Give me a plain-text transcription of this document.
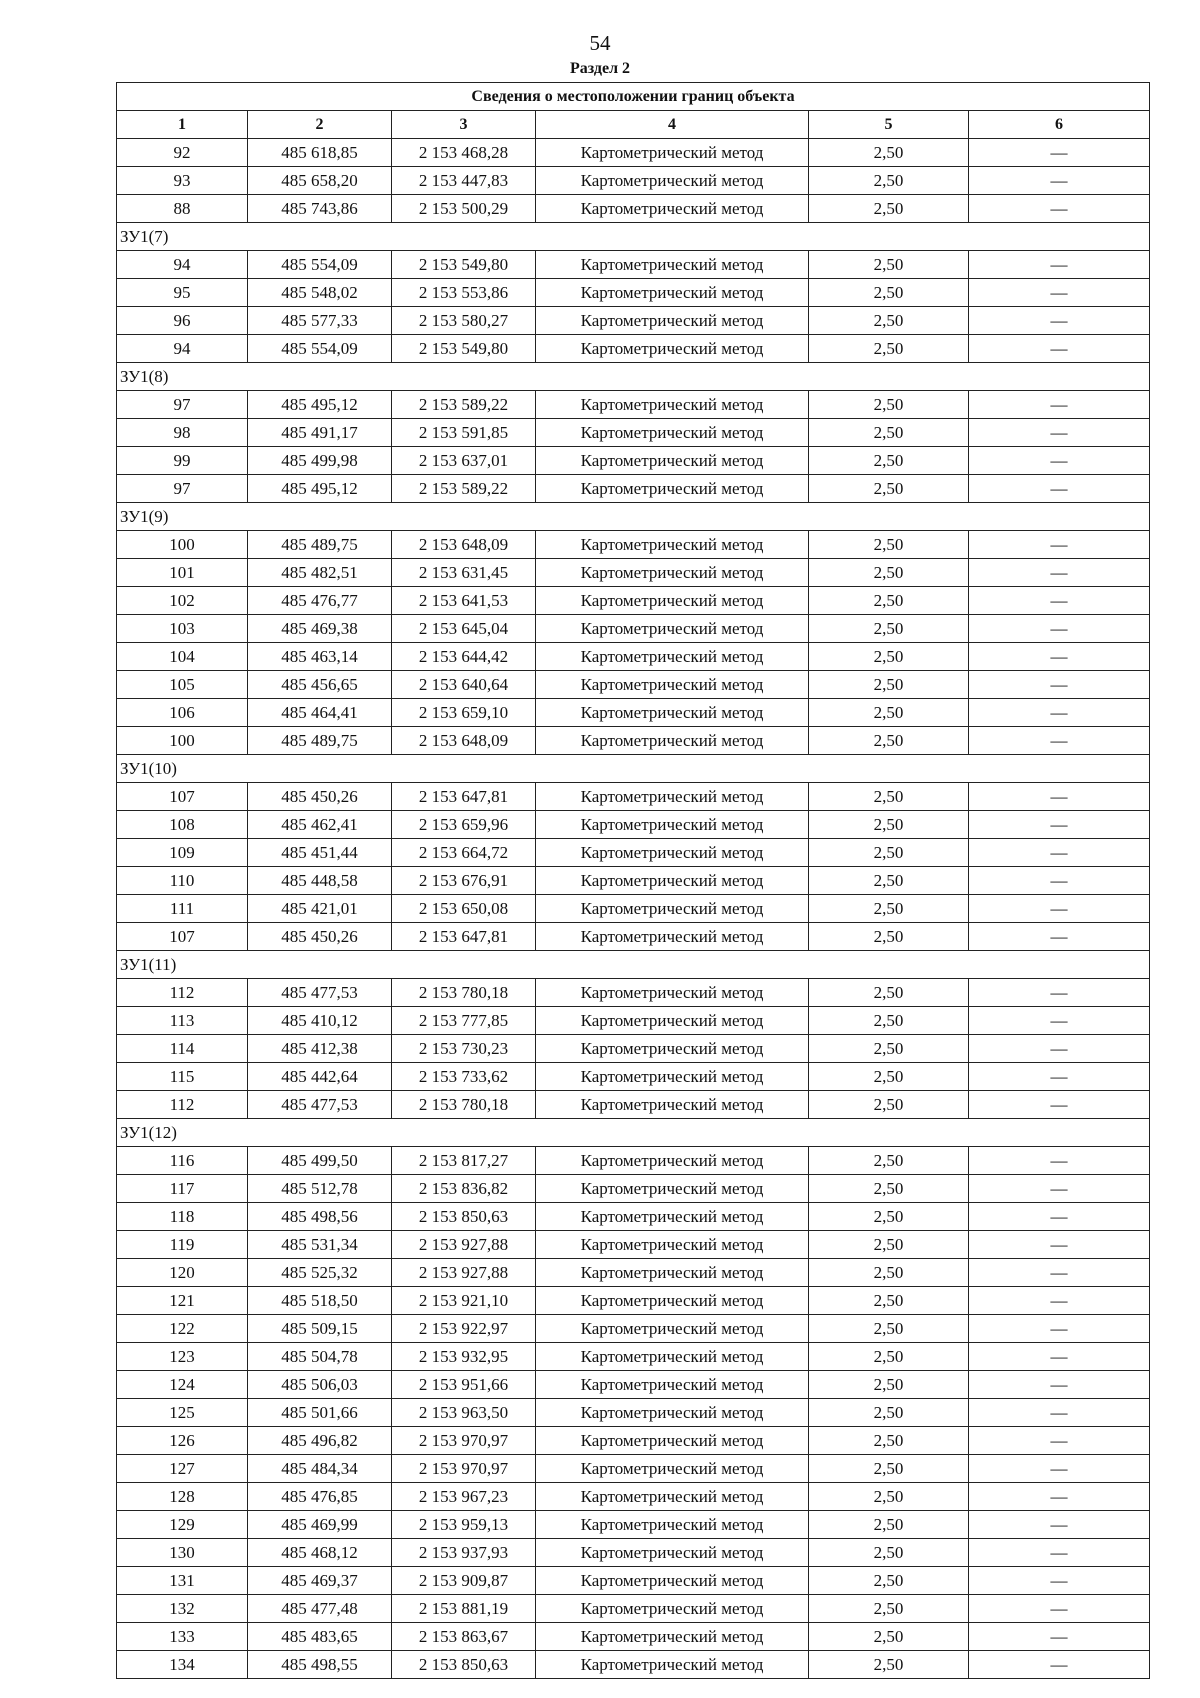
54
Раздел 2
Сведения о местоположении границ объекта					
1	2	3	4	5	6
92	485 618,85	2 153 468,28	Картометрический метод	2,50	—
93	485 658,20	2 153 447,83	Картометрический метод	2,50	—
88	485 743,86	2 153 500,29	Картометрический метод	2,50	—
ЗУ1(7)					
94	485 554,09	2 153 549,80	Картометрический метод	2,50	—
95	485 548,02	2 153 553,86	Картометрический метод	2,50	—
96	485 577,33	2 153 580,27	Картометрический метод	2,50	—
94	485 554,09	2 153 549,80	Картометрический метод	2,50	—
ЗУ1(8)					
97	485 495,12	2 153 589,22	Картометрический метод	2,50	—
98	485 491,17	2 153 591,85	Картометрический метод	2,50	—
99	485 499,98	2 153 637,01	Картометрический метод	2,50	—
97	485 495,12	2 153 589,22	Картометрический метод	2,50	—
ЗУ1(9)					
100	485 489,75	2 153 648,09	Картометрический метод	2,50	—
101	485 482,51	2 153 631,45	Картометрический метод	2,50	—
102	485 476,77	2 153 641,53	Картометрический метод	2,50	—
103	485 469,38	2 153 645,04	Картометрический метод	2,50	—
104	485 463,14	2 153 644,42	Картометрический метод	2,50	—
105	485 456,65	2 153 640,64	Картометрический метод	2,50	—
106	485 464,41	2 153 659,10	Картометрический метод	2,50	—
100	485 489,75	2 153 648,09	Картометрический метод	2,50	—
ЗУ1(10)					
107	485 450,26	2 153 647,81	Картометрический метод	2,50	—
108	485 462,41	2 153 659,96	Картометрический метод	2,50	—
109	485 451,44	2 153 664,72	Картометрический метод	2,50	—
110	485 448,58	2 153 676,91	Картометрический метод	2,50	—
111	485 421,01	2 153 650,08	Картометрический метод	2,50	—
107	485 450,26	2 153 647,81	Картометрический метод	2,50	—
ЗУ1(11)					
112	485 477,53	2 153 780,18	Картометрический метод	2,50	—
113	485 410,12	2 153 777,85	Картометрический метод	2,50	—
114	485 412,38	2 153 730,23	Картометрический метод	2,50	—
115	485 442,64	2 153 733,62	Картометрический метод	2,50	—
112	485 477,53	2 153 780,18	Картометрический метод	2,50	—
ЗУ1(12)					
116	485 499,50	2 153 817,27	Картометрический метод	2,50	—
117	485 512,78	2 153 836,82	Картометрический метод	2,50	—
118	485 498,56	2 153 850,63	Картометрический метод	2,50	—
119	485 531,34	2 153 927,88	Картометрический метод	2,50	—
120	485 525,32	2 153 927,88	Картометрический метод	2,50	—
121	485 518,50	2 153 921,10	Картометрический метод	2,50	—
122	485 509,15	2 153 922,97	Картометрический метод	2,50	—
123	485 504,78	2 153 932,95	Картометрический метод	2,50	—
124	485 506,03	2 153 951,66	Картометрический метод	2,50	—
125	485 501,66	2 153 963,50	Картометрический метод	2,50	—
126	485 496,82	2 153 970,97	Картометрический метод	2,50	—
127	485 484,34	2 153 970,97	Картометрический метод	2,50	—
128	485 476,85	2 153 967,23	Картометрический метод	2,50	—
129	485 469,99	2 153 959,13	Картометрический метод	2,50	—
130	485 468,12	2 153 937,93	Картометрический метод	2,50	—
131	485 469,37	2 153 909,87	Картометрический метод	2,50	—
132	485 477,48	2 153 881,19	Картометрический метод	2,50	—
133	485 483,65	2 153 863,67	Картометрический метод	2,50	—
134	485 498,55	2 153 850,63	Картометрический метод	2,50	—
